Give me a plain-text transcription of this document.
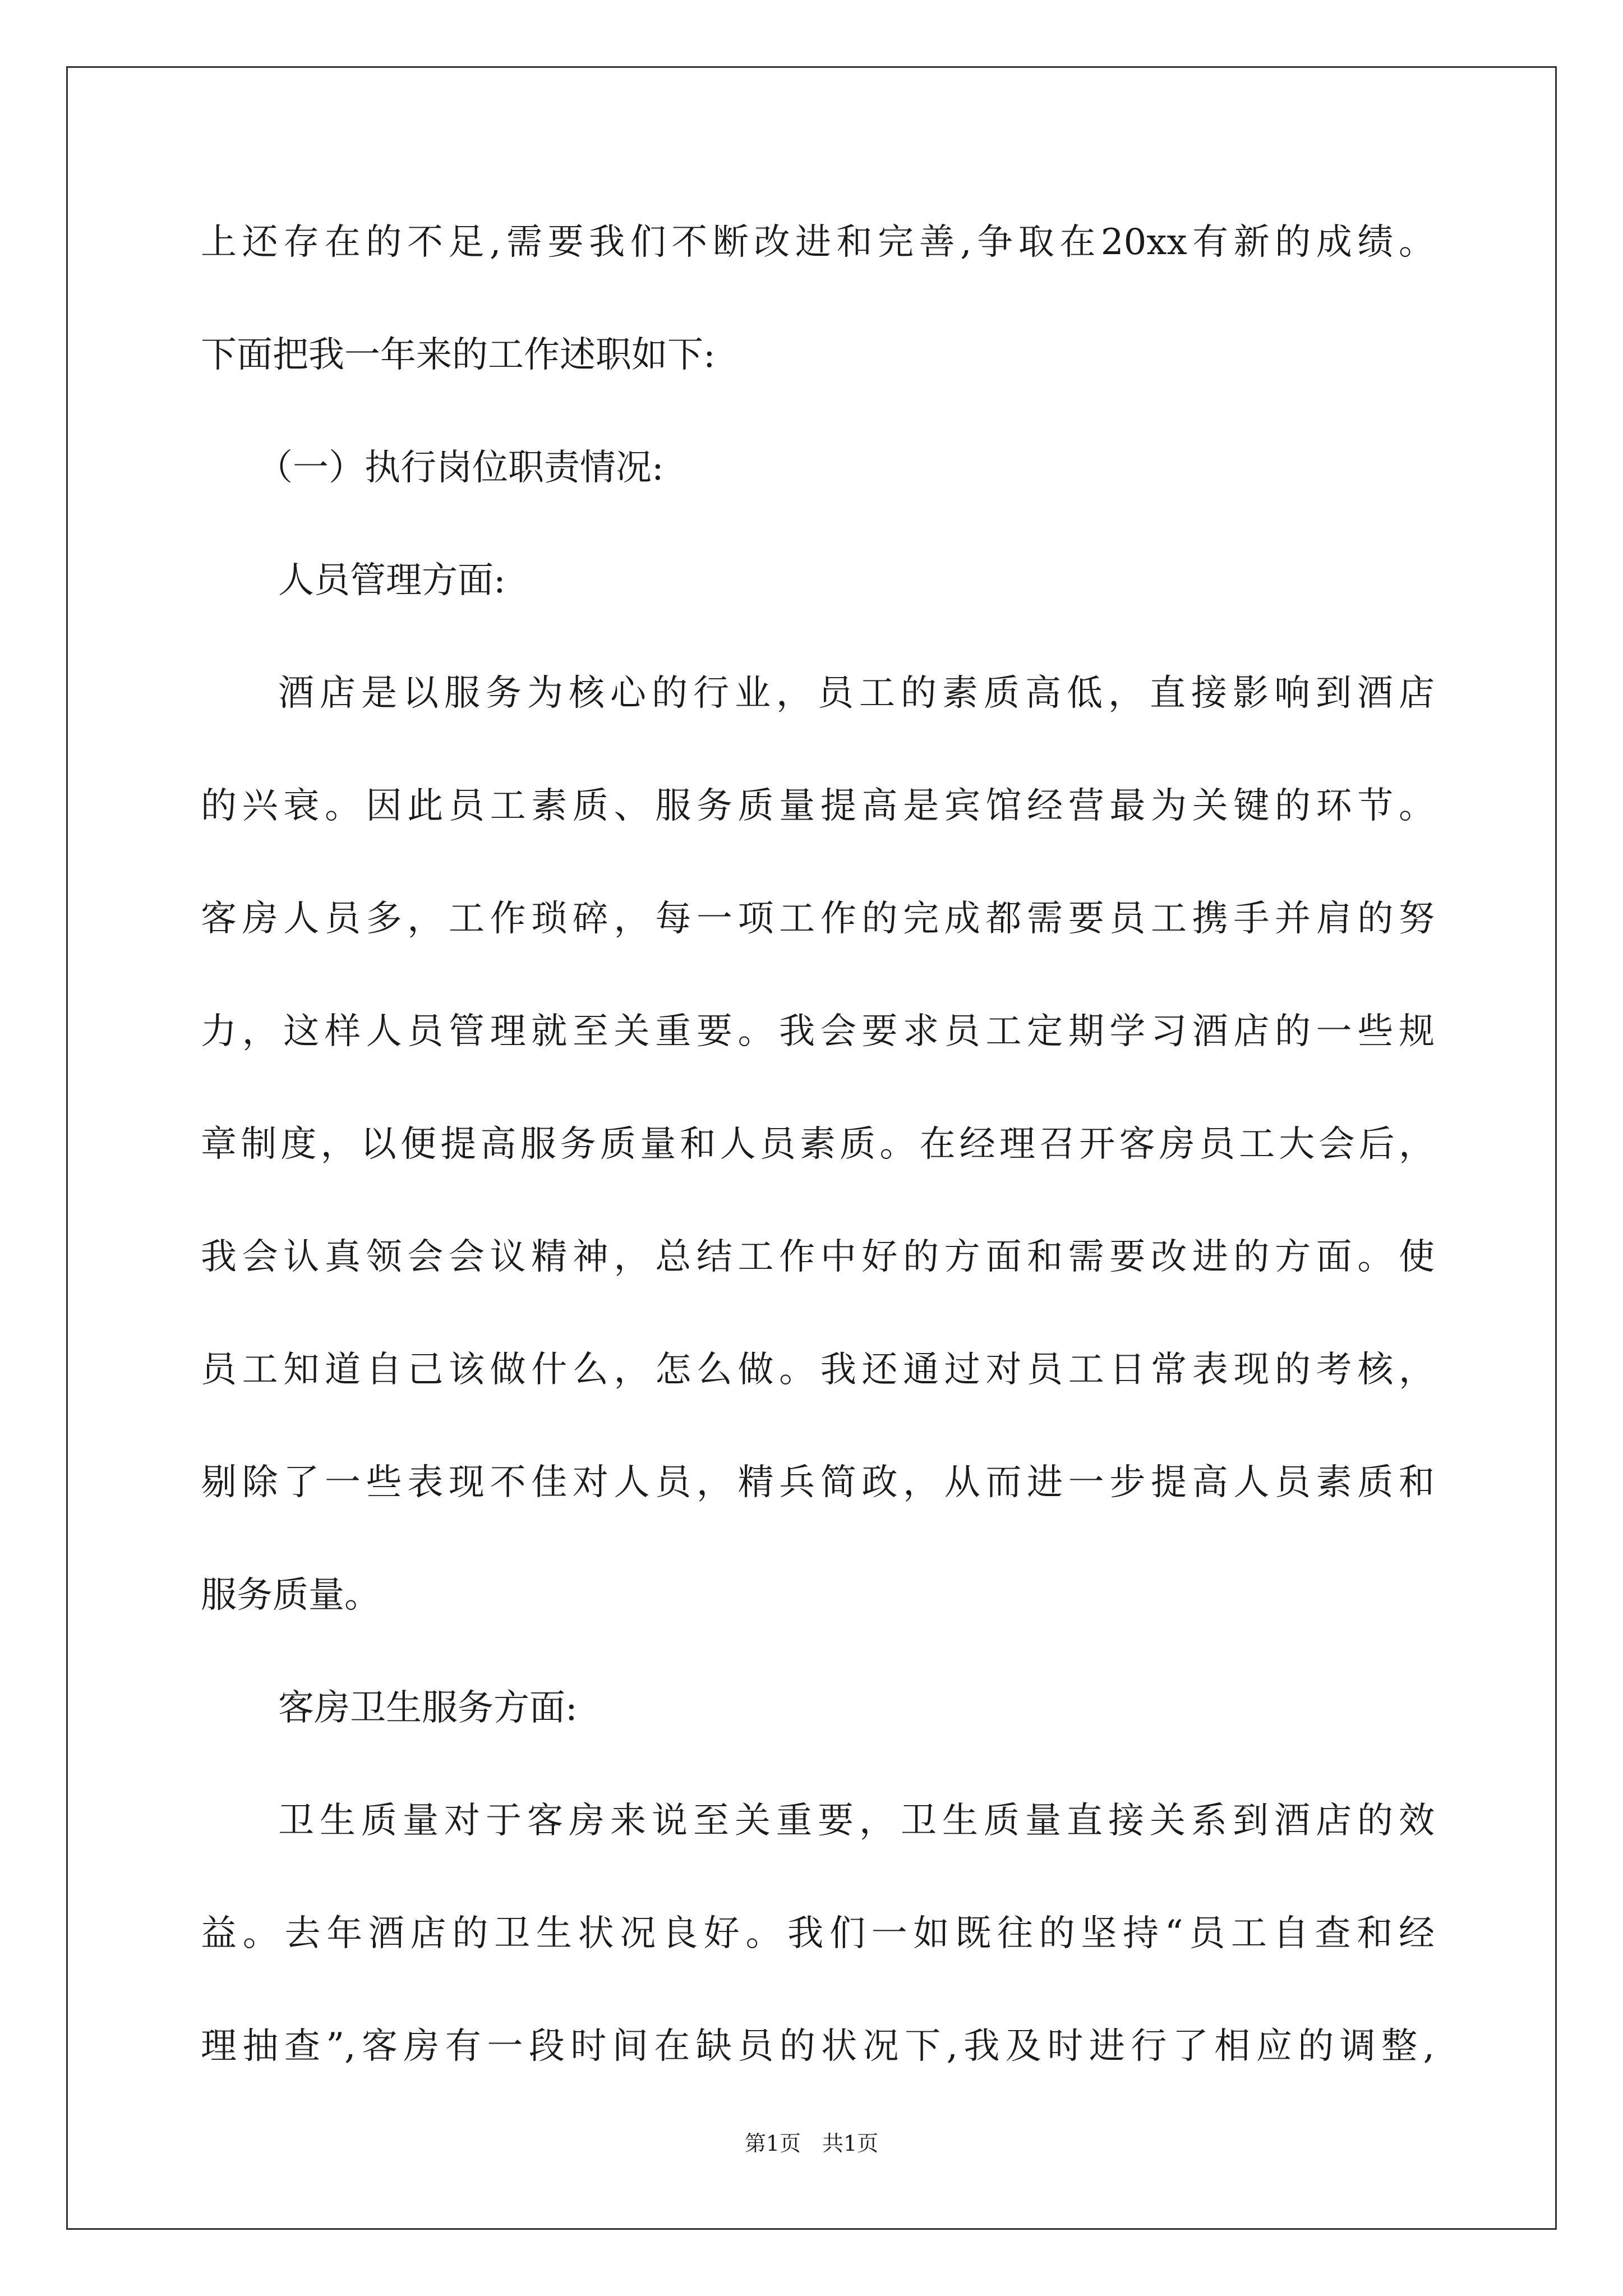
上还存在的不足,需要我们不断改进和完善,争取在20xx有新的成绩。
下面把我一年来的工作述职如下:
（一）执行岗位职责情况:
人员管理方面:
酒店是以服务为核心的行业，员工的素质高低，直接影响到酒店
的兴衰。因此员工素质、服务质量提高是宾馆经营最为关键的环节。
客房人员多，工作琐碎，每一项工作的完成都需要员工携手并肩的努
力，这样人员管理就至关重要。我会要求员工定期学习酒店的一些规
章制度，以便提高服务质量和人员素质。在经理召开客房员工大会后，
我会认真领会会议精神，总结工作中好的方面和需要改进的方面。使
员工知道自己该做什么，怎么做。我还通过对员工日常表现的考核，
剔除了一些表现不佳对人员，精兵简政，从而进一步提高人员素质和
服务质量。
客房卫生服务方面:
卫生质量对于客房来说至关重要，卫生质量直接关系到酒店的效
益。去年酒店的卫生状况良好。我们一如既往的坚持“员工自查和经
理抽查”,客房有一段时间在缺员的状况下,我及时进行了相应的调整,
第1页　共1页
